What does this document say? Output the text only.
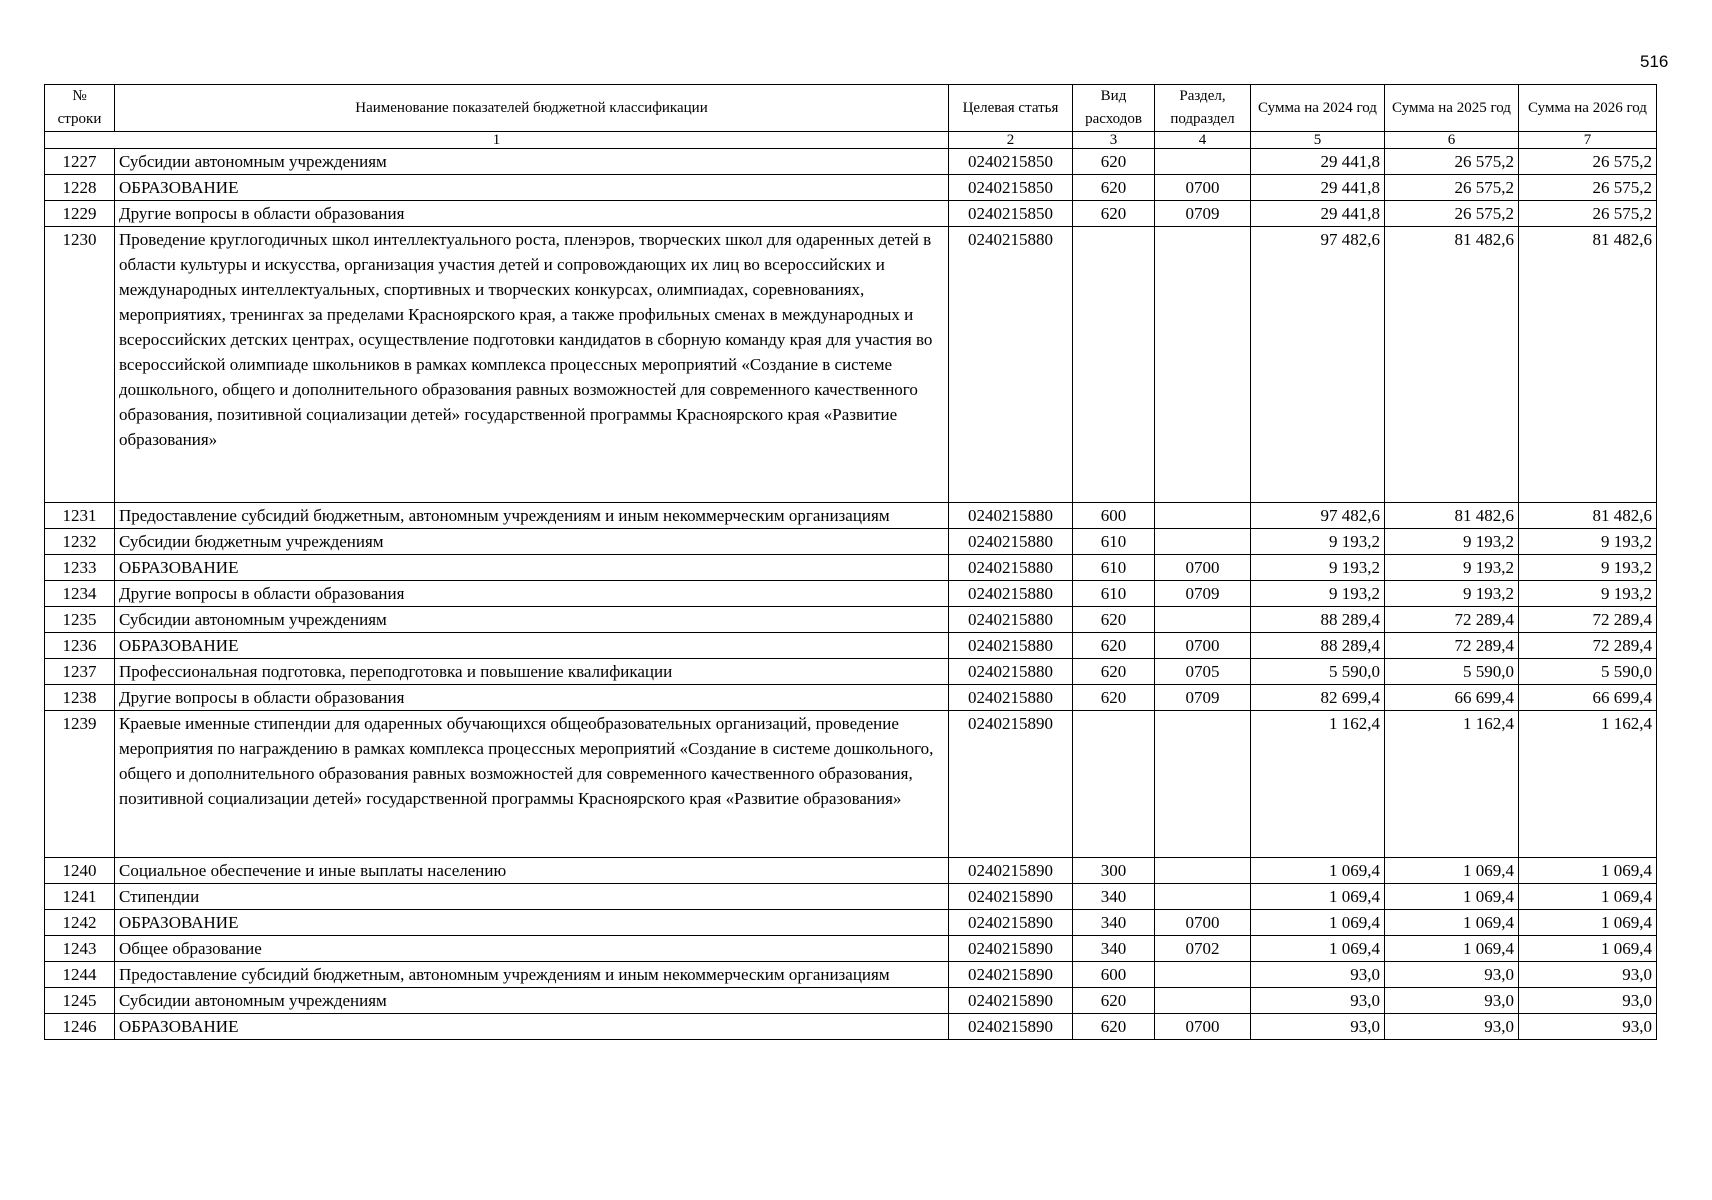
516
№ строки	Наименование показателей бюджетной классификации	Целевая статья	Вид расходов	Раздел, подраздел	Сумма на 2024 год	Сумма на 2025 год	Сумма на 2026 год
1		2	3	4	5	6	7
1227	Субсидии автономным учреждениям	0240215850	620		29 441,8	26 575,2	26 575,2
1228	ОБРАЗОВАНИЕ	0240215850	620	0700	29 441,8	26 575,2	26 575,2
1229	Другие вопросы в области образования	0240215850	620	0709	29 441,8	26 575,2	26 575,2
1230	Проведение круглогодичных школ интеллектуального роста, пленэров, творческих школ для одаренных детей в области культуры и искусства, организация участия детей и сопровождающих их лиц во всероссийских и международных интеллектуальных, спортивных и творческих конкурсах, олимпиадах, соревнованиях, мероприятиях, тренингах за пределами Красноярского края, а также профильных сменах в международных и всероссийских детских центрах, осуществление подготовки кандидатов в сборную команду края для участия во всероссийской олимпиаде школьников в рамках комплекса процессных мероприятий «Создание в системе дошкольного, общего и дополнительного образования равных возможностей для современного качественного образования, позитивной социализации детей» государственной программы Красноярского края «Развитие образования»	0240215880			97 482,6	81 482,6	81 482,6
1231	Предоставление субсидий бюджетным, автономным учреждениям и иным некоммерческим организациям	0240215880	600		97 482,6	81 482,6	81 482,6
1232	Субсидии бюджетным учреждениям	0240215880	610		9 193,2	9 193,2	9 193,2
1233	ОБРАЗОВАНИЕ	0240215880	610	0700	9 193,2	9 193,2	9 193,2
1234	Другие вопросы в области образования	0240215880	610	0709	9 193,2	9 193,2	9 193,2
1235	Субсидии автономным учреждениям	0240215880	620		88 289,4	72 289,4	72 289,4
1236	ОБРАЗОВАНИЕ	0240215880	620	0700	88 289,4	72 289,4	72 289,4
1237	Профессиональная подготовка, переподготовка и повышение квалификации	0240215880	620	0705	5 590,0	5 590,0	5 590,0
1238	Другие вопросы в области образования	0240215880	620	0709	82 699,4	66 699,4	66 699,4
1239	Краевые именные стипендии для одаренных обучающихся общеобразовательных организаций, проведение мероприятия по награждению в рамках комплекса процессных мероприятий «Создание в системе дошкольного, общего и дополнительного образования равных возможностей для современного качественного образования, позитивной социализации детей» государственной программы Красноярского края «Развитие образования»	0240215890			1 162,4	1 162,4	1 162,4
1240	Социальное обеспечение и иные выплаты населению	0240215890	300		1 069,4	1 069,4	1 069,4
1241	Стипендии	0240215890	340		1 069,4	1 069,4	1 069,4
1242	ОБРАЗОВАНИЕ	0240215890	340	0700	1 069,4	1 069,4	1 069,4
1243	Общее образование	0240215890	340	0702	1 069,4	1 069,4	1 069,4
1244	Предоставление субсидий бюджетным, автономным учреждениям и иным некоммерческим организациям	0240215890	600		93,0	93,0	93,0
1245	Субсидии автономным учреждениям	0240215890	620		93,0	93,0	93,0
1246	ОБРАЗОВАНИЕ	0240215890	620	0700	93,0	93,0	93,0
